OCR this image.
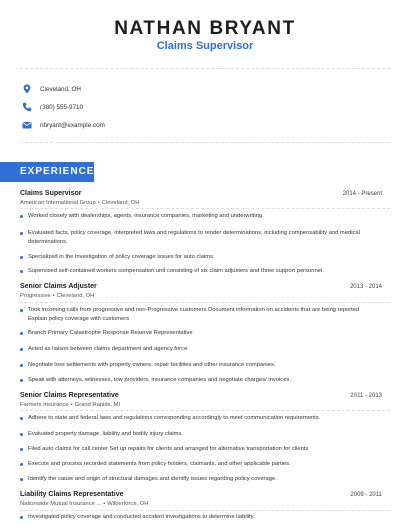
NATHAN BRYANT
Claims Supervisor
Cleveland, OH
(380) 555-9710
nbryant@example.com
EXPERIENCE
Claims Supervisor	2014 - Present
American International Group • Cleveland, OH
Worked closely with dealerships, agents, insurance companies, marketing and underwriting.
Evaluated facts, policy coverage, interpreted laws and regulations to render determinations, including compensability and medical determinations.
Specialized in the investigation of policy coverage issues for auto claims.
Supervised self-contained workers compensation unit consisting of six claim adjusters and three support personnel.
Senior Claims Adjuster	2013 - 2014
Progressive • Cleveland, OH
Took incoming calls from progressive and non-Progressive customers Document information on accidents that are being reported Explain policy coverage with customers
Branch Primary Catastrophe Response Reserve Representative
Acted as liaison between claims department and agency force.
Negotiate loss settlements with property owners, repair facilities and other insurance companies.
Speak with attorneys, witnesses, tow providers, insurance companies and negotiate charges/ invoices.
Senior Claims Representative	2011 - 2013
Farmers Insurance • Grand Rapids, MI
Adhere to state and federal laws and regulations corresponding accordingly to meet communication requirements.
Evaluated property damage, liability and bodily injury claims.
Filed auto claims for call center Set up repairs for clients and arranged for alternative transportation for clients
Execute and process recorded statements from policy holders, claimants, and other applicable parties.
Identify the cause and origin of structural damages and identify issues regarding policy coverage.
Liability Claims Representative	2009 - 2011
Nationwide Mutual Insurance ... • Wilberforce, OH
Investigated policy coverage and conducted accident investigations to determine liability.
